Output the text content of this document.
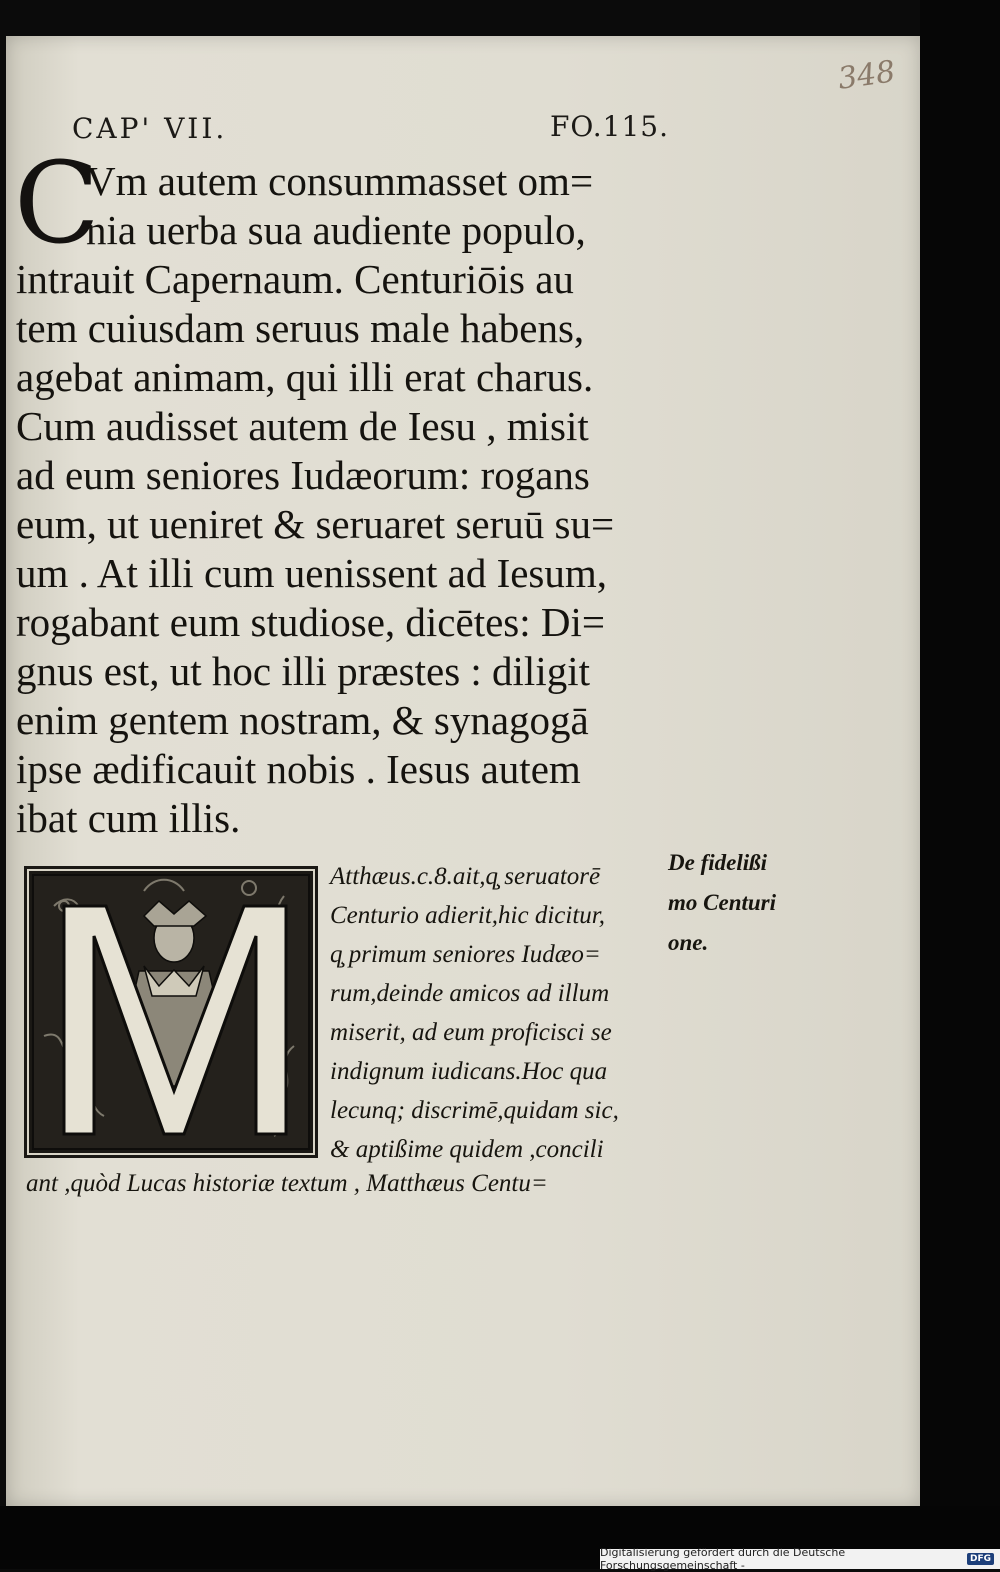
348
CAP' VII.	FO.115.
C
Vm autem consummasset om=
nia uerba sua audiente populo,
intrauit Capernaum. Centuriōis au
tem cuiusdam seruus male habens,
agebat animam, qui illi erat charus.
Cum audisset autem de Iesu , misit
ad eum seniores Iudæorum: rogans
eum, ut ueniret & seruaret seruū su=
um . At illi cum uenissent ad Iesum,
rogabant eum studiose, dicētes: Di=
gnus est, ut hoc illi præstes : diligit
enim gentem nostram, & synagogā
ipse ædificauit nobis . Iesus autem
ibat cum illis.
Atthæus.c.8.ait,q̧ seruatorē
Centurio adierit,hic dicitur,
q̧ primum seniores Iudæo=
rum,deinde amicos ad illum
miserit, ad eum proficisci se
indignum iudicans.Hoc qua
lecunq; discrimē,quidam sic,
& aptißime quidem ,concili
ant ,quòd Lucas historiæ textum , Matthæus Centu=
De fidelißi
mo Centuri
one.
Digitalisierung gefördert durch die Deutsche Forschungsgemeinschaft -	DFG
